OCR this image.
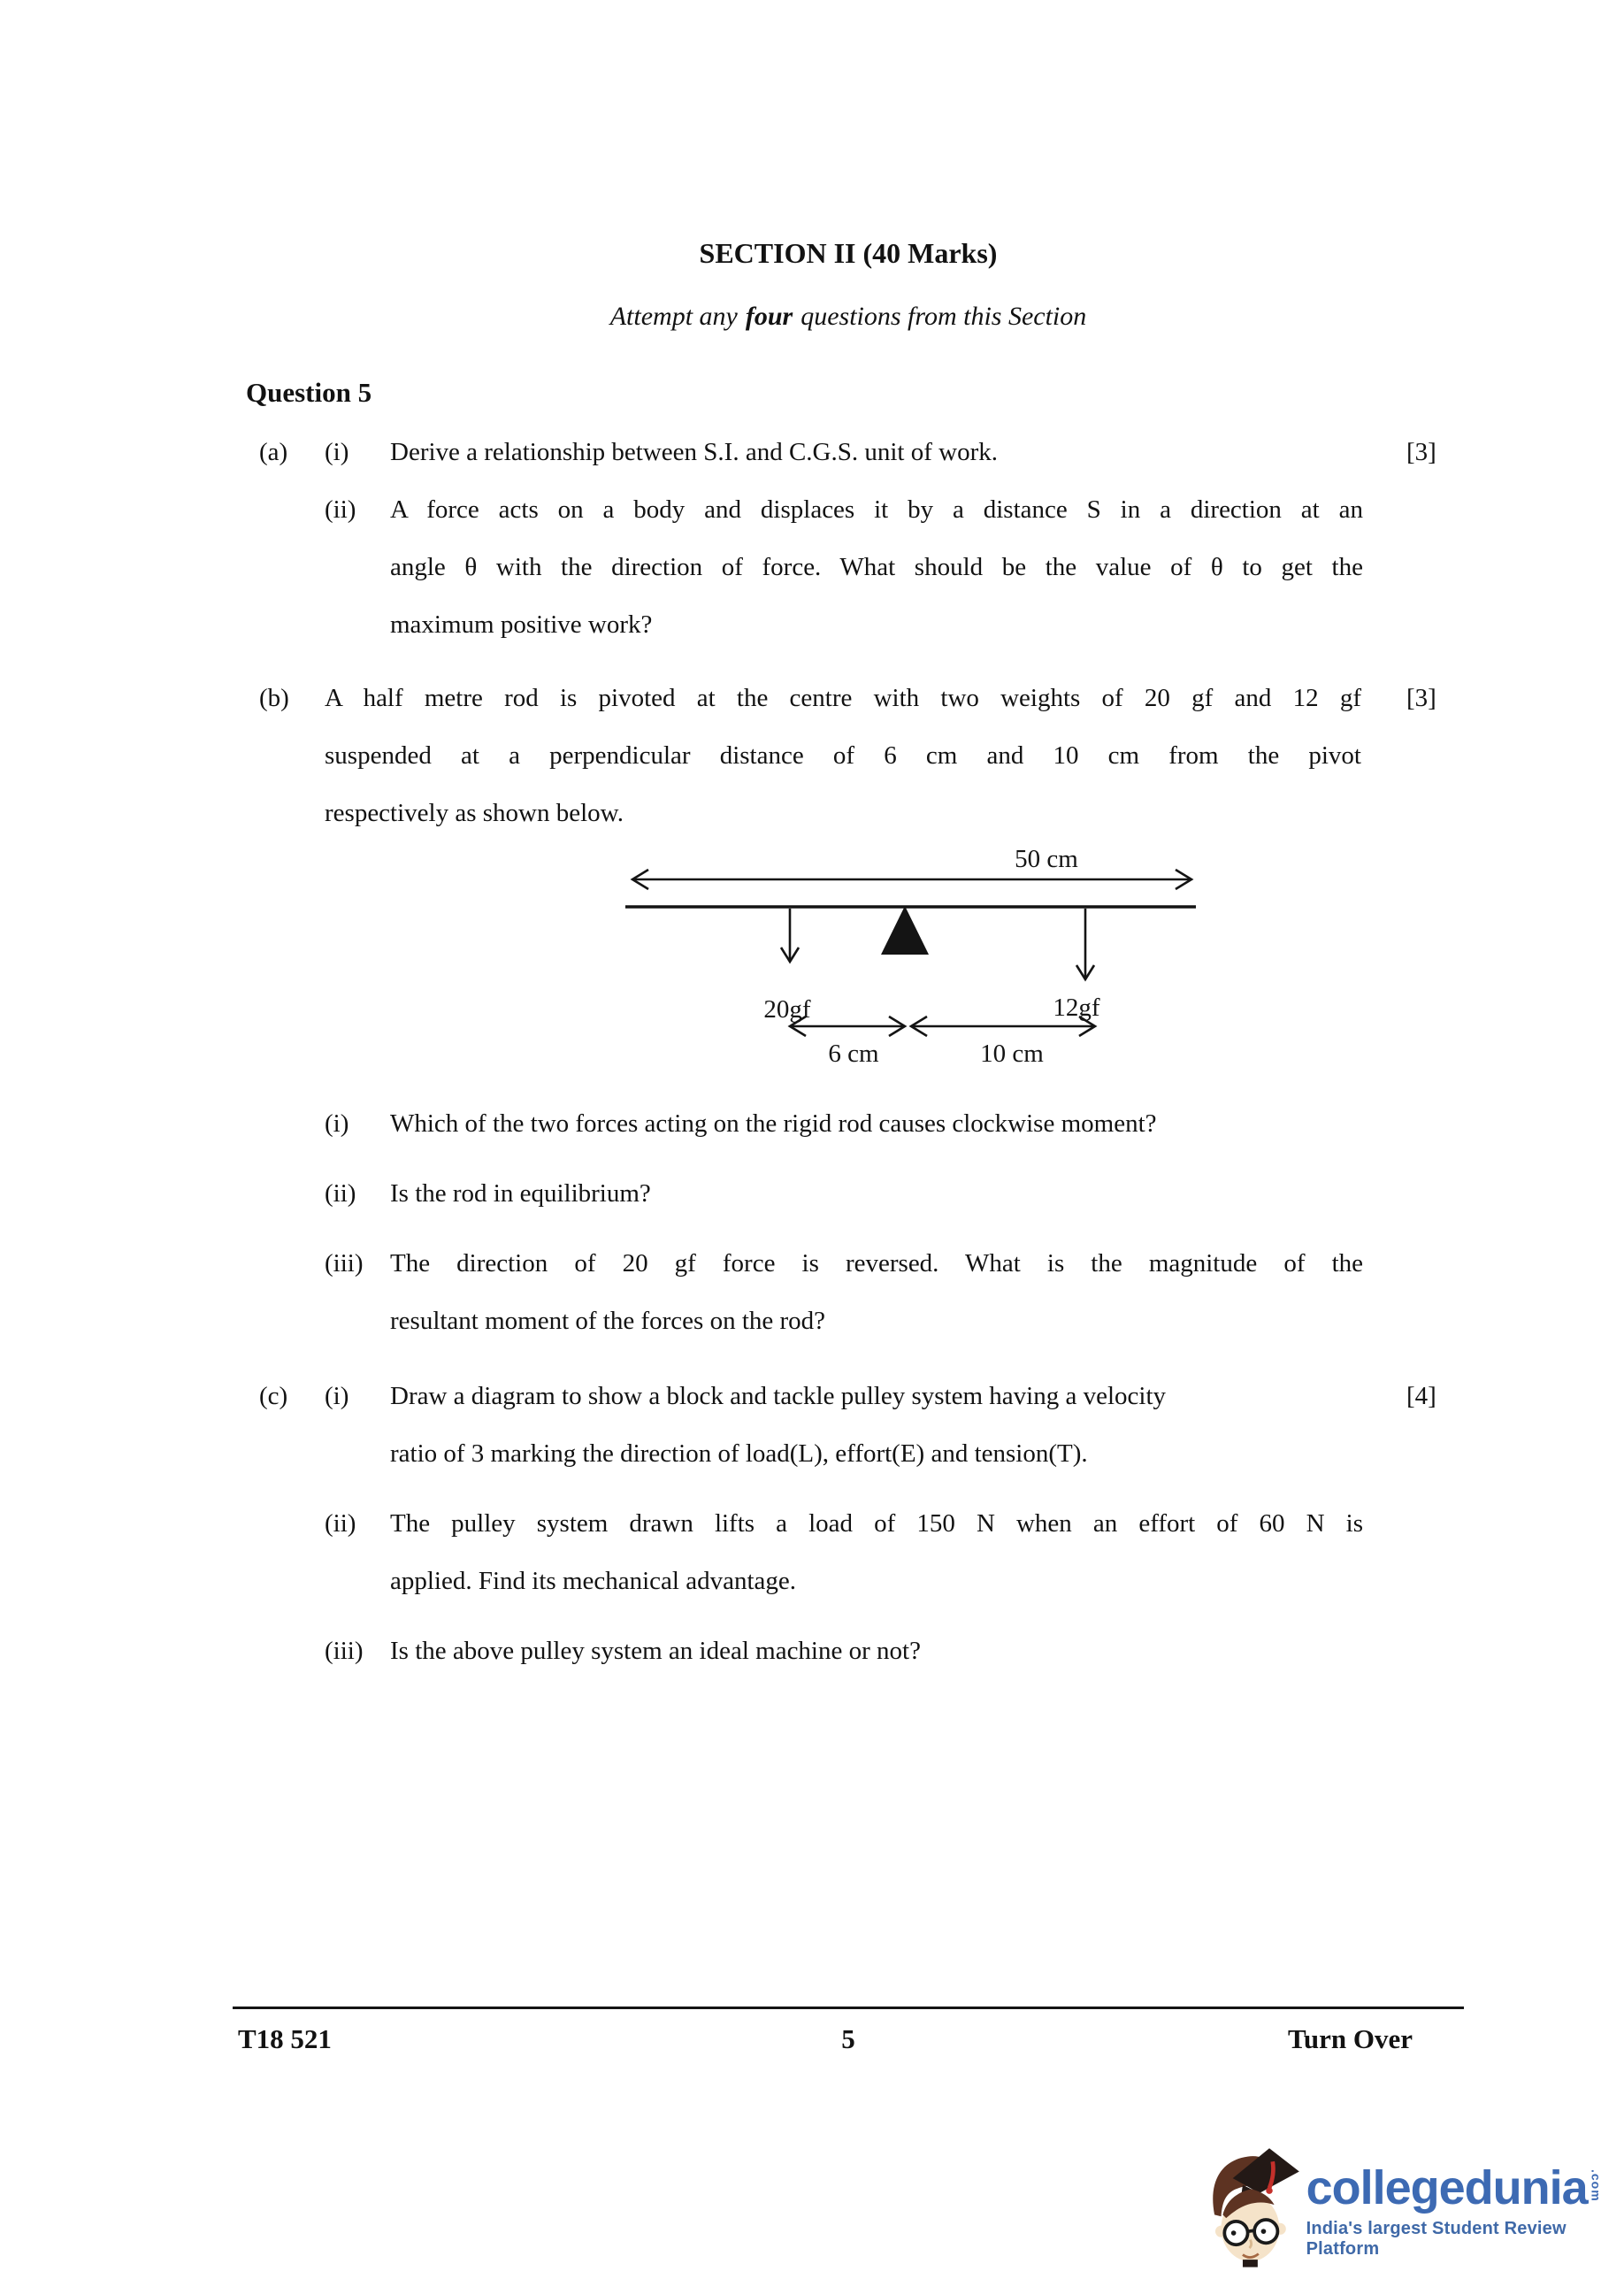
SECTION II (40 Marks)
Attempt any four questions from this Section
Question 5
(a)	(i)	Derive a relationship between S.I. and C.G.S. unit of work.
(ii)	A force acts on a body and displaces it by a distance S in a direction at an
angle θ with the direction of force. What should be the value of θ to get the
maximum positive work?
[3]
(b)	A half metre rod is pivoted at the centre with two weights of 20 gf and 12 gf
suspended at a perpendicular distance of 6 cm and 10 cm from the pivot
respectively as shown below.
50 cm
20gf	12gf
6 cm	10 cm
(i)	Which of the two forces acting on the rigid rod causes clockwise moment?
(ii)	Is the rod in equilibrium?
(iii)	The direction of 20 gf force is reversed. What is the magnitude of the
resultant moment of the forces on the rod?
[3]
(c)	(i)	Draw a diagram to show a block and tackle pulley system having a velocity
ratio of 3 marking the direction of load(L), effort(E) and tension(T).
(ii)	The pulley system drawn lifts a load of 150 N when an effort of 60 N is
applied. Find its mechanical advantage.
(iii)	Is the above pulley system an ideal machine or not?
[4]
T18 521	5	Turn Over
collegedunia .com
India's largest Student Review Platform
